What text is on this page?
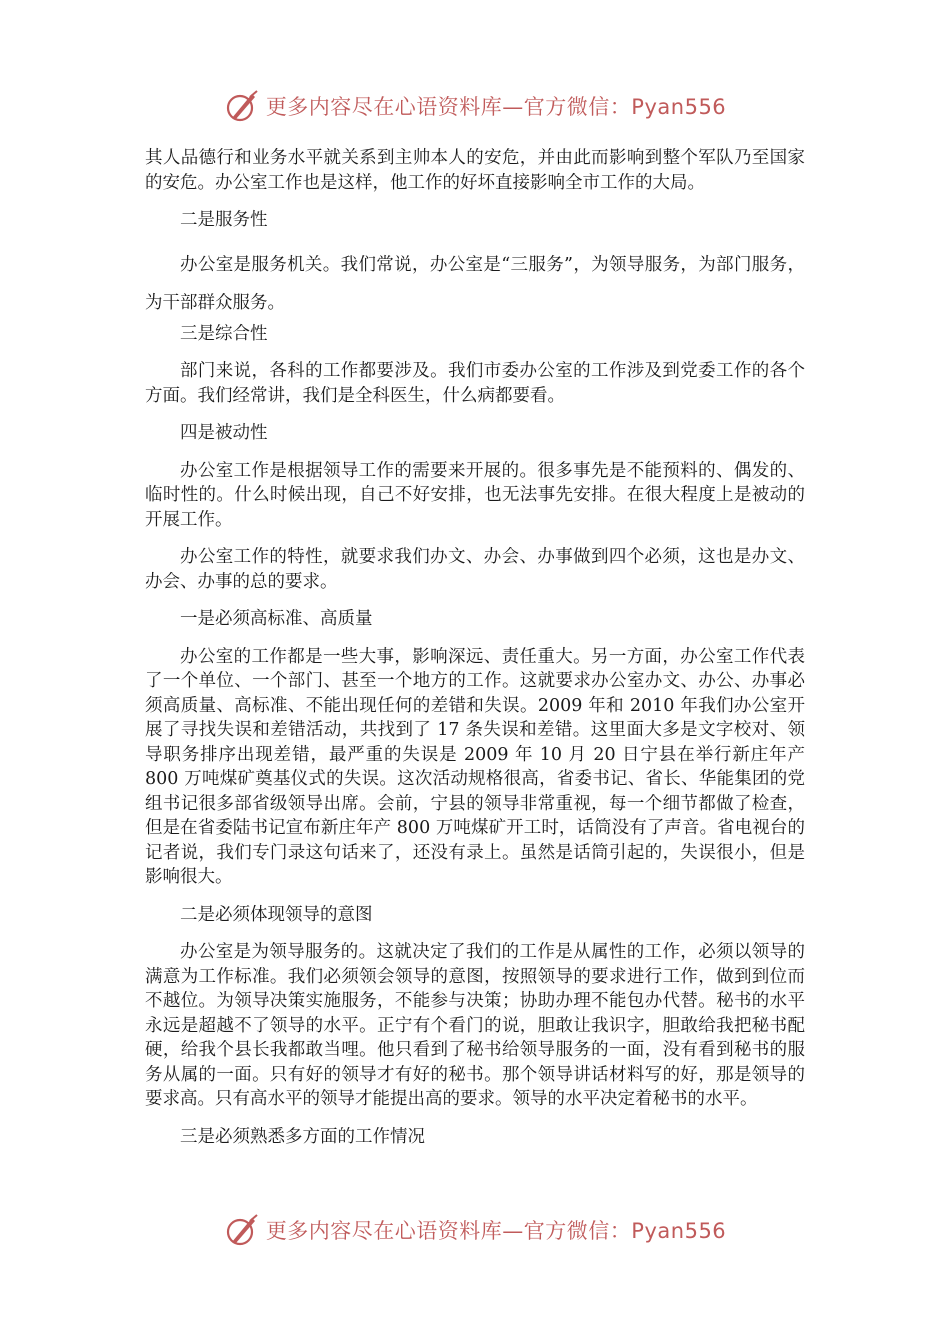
更多内容尽在心语资料库—官方微信：Pyan556

其人品德行和业务水平就关系到主帅本人的安危，并由此而影响到整个军队乃至国家的安危。办公室工作也是这样，他工作的好坏直接影响全市工作的大局。

二是服务性

办公室是服务机关。我们常说，办公室是“三服务”，为领导服务，为部门服务，为干部群众服务。

三是综合性

部门来说，各科的工作都要涉及。我们市委办公室的工作涉及到党委工作的各个方面。我们经常讲，我们是全科医生，什么病都要看。

四是被动性

办公室工作是根据领导工作的需要来开展的。很多事先是不能预料的、偶发的、临时性的。什么时候出现，自己不好安排，也无法事先安排。在很大程度上是被动的开展工作。

办公室工作的特性，就要求我们办文、办会、办事做到四个必须，这也是办文、办会、办事的总的要求。

一是必须高标准、高质量

办公室的工作都是一些大事，影响深远、责任重大。另一方面，办公室工作代表了一个单位、一个部门、甚至一个地方的工作。这就要求办公室办文、办公、办事必须高质量、高标准、不能出现任何的差错和失误。2009 年和 2010 年我们办公室开展了寻找失误和差错活动，共找到了 17 条失误和差错。这里面大多是文字校对、领导职务排序出现差错，最严重的失误是 2009 年 10 月 20 日宁县在举行新庄年产 800 万吨煤矿奠基仪式的失误。这次活动规格很高，省委书记、省长、华能集团的党组书记很多部省级领导出席。会前，宁县的领导非常重视，每一个细节都做了检查，但是在省委陆书记宣布新庄年产 800 万吨煤矿开工时，话筒没有了声音。省电视台的记者说，我们专门录这句话来了，还没有录上。虽然是话筒引起的，失误很小，但是影响很大。

二是必须体现领导的意图

办公室是为领导服务的。这就决定了我们的工作是从属性的工作，必须以领导的满意为工作标准。我们必须领会领导的意图，按照领导的要求进行工作，做到到位而不越位。为领导决策实施服务，不能参与决策；协助办理不能包办代替。秘书的水平永远是超越不了领导的水平。正宁有个看门的说，胆敢让我识字，胆敢给我把秘书配硬，给我个县长我都敢当哩。他只看到了秘书给领导服务的一面，没有看到秘书的服务从属的一面。只有好的领导才有好的秘书。那个领导讲话材料写的好，那是领导的要求高。只有高水平的领导才能提出高的要求。领导的水平决定着秘书的水平。

三是必须熟悉多方面的工作情况

更多内容尽在心语资料库—官方微信：Pyan556
